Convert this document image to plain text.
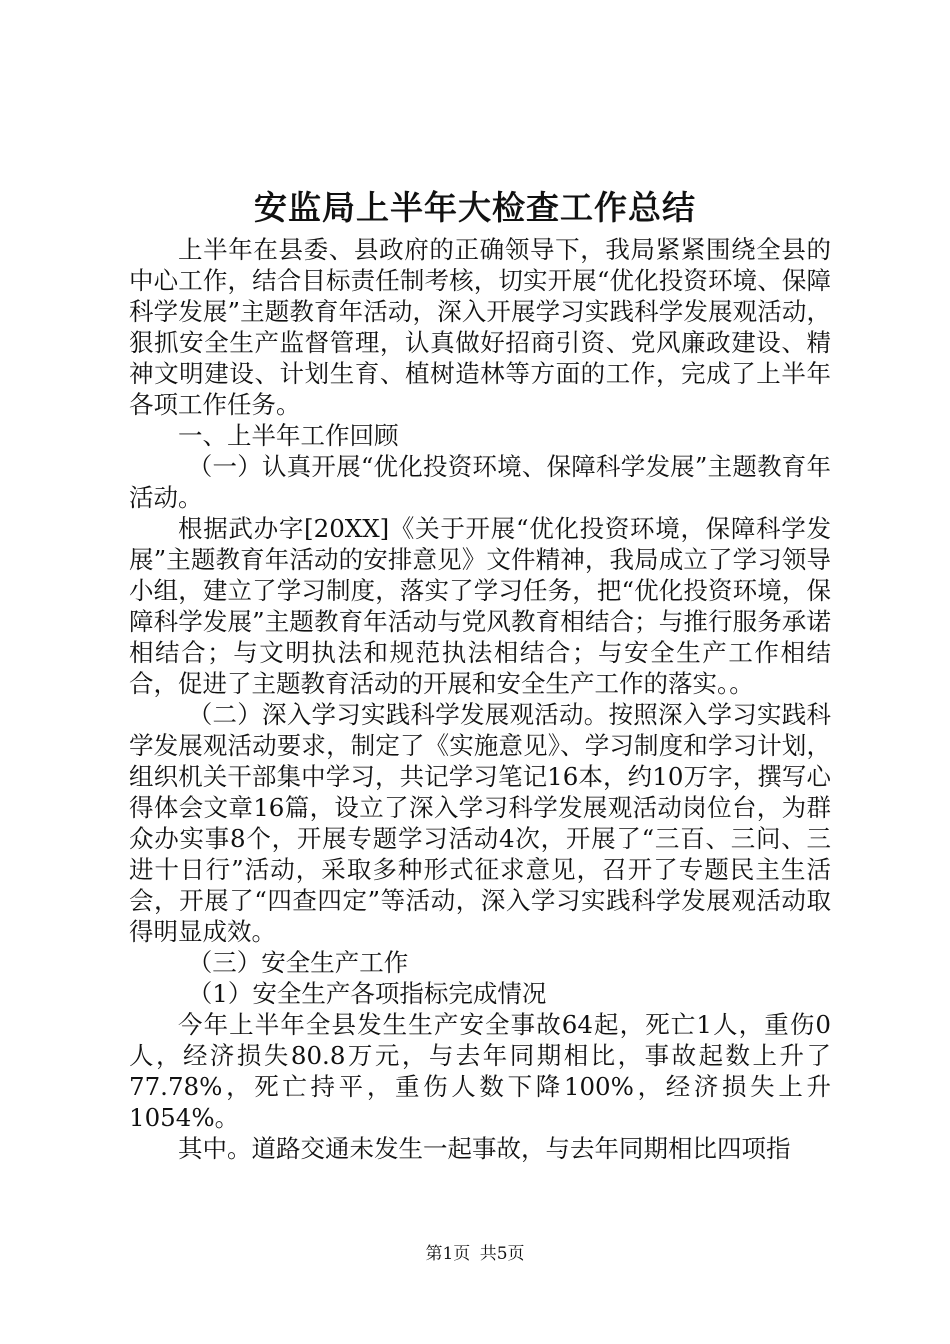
安监局上半年大检查工作总结

上半年在县委、县政府的正确领导下，我局紧紧围绕全县的中心工作，结合目标责任制考核，切实开展“优化投资环境、保障科学发展”主题教育年活动，深入开展学习实践科学发展观活动，狠抓安全生产监督管理，认真做好招商引资、党风廉政建设、精神文明建设、计划生育、植树造林等方面的工作，完成了上半年各项工作任务。

一、上半年工作回顾

（一）认真开展“优化投资环境、保障科学发展”主题教育年活动。

根据武办字[20XX]《关于开展“优化投资环境，保障科学发展”主题教育年活动的安排意见》文件精神，我局成立了学习领导小组，建立了学习制度，落实了学习任务，把“优化投资环境，保障科学发展”主题教育年活动与党风教育相结合；与推行服务承诺相结合；与文明执法和规范执法相结合；与安全生产工作相结合，促进了主题教育活动的开展和安全生产工作的落实。。

（二）深入学习实践科学发展观活动。按照深入学习实践科学发展观活动要求，制定了《实施意见》、学习制度和学习计划，组织机关干部集中学习，共记学习笔记16本，约10万字，撰写心得体会文章16篇，设立了深入学习科学发展观活动岗位台，为群众办实事8个，开展专题学习活动4次，开展了“三百、三问、三进十日行”活动，采取多种形式征求意见，召开了专题民主生活会，开展了“四查四定”等活动，深入学习实践科学发展观活动取得明显成效。

（三）安全生产工作

（1）安全生产各项指标完成情况

今年上半年全县发生生产安全事故64起，死亡1人，重伤0人，经济损失80.8万元，与去年同期相比，事故起数上升了77.78%，死亡持平，重伤人数下降100%，经济损失上升1054%。

其中。道路交通未发生一起事故，与去年同期相比四项指

第1页 共5页
